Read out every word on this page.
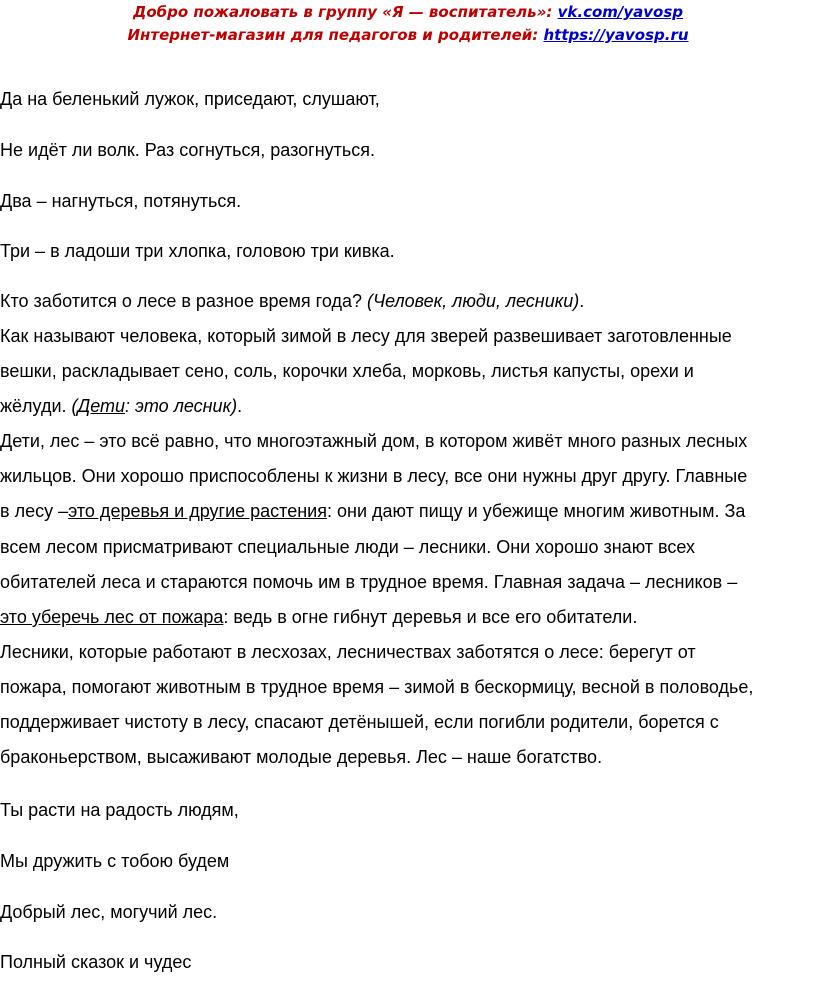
Добро пожаловать в группу «Я — воспитатель»: vk.com/yavosp
Интернет-магазин для педагогов и родителей: https://yavosp.ru
Да на беленький лужок, приседают, слушают,
Не идёт ли волк. Раз согнуться, разогнуться.
Два – нагнуться, потянуться.
Три – в ладоши три хлопка, головою три кивка.
Кто заботится о лесе в разное время года? (Человек, люди, лесники).
Как называют человека, который зимой в лесу для зверей развешивает заготовленные
вешки, раскладывает сено, соль, корочки хлеба, морковь, листья капусты, орехи и
жёлуди. (Дети: это лесник).
Дети, лес – это всё равно, что многоэтажный дом, в котором живёт много разных лесных
жильцов. Они хорошо приспособлены к жизни в лесу, все они нужны друг другу. Главные
в лесу –это деревья и другие растения: они дают пищу и убежище многим животным. За
всем лесом присматривают специальные люди – лесники. Они хорошо знают всех
обитателей леса и стараются помочь им в трудное время. Главная задача – лесников –
это уберечь лес от пожара: ведь в огне гибнут деревья и все его обитатели.
Лесники, которые работают в лесхозах, лесничествах заботятся о лесе: берегут от
пожара, помогают животным в трудное время – зимой в бескормицу, весной в половодье,
поддерживает чистоту в лесу, спасают детёнышей, если погибли родители, борется с
браконьерством, высаживают молодые деревья. Лес – наше богатство.
Ты расти на радость людям,
Мы дружить с тобою будем
Добрый лес, могучий лес.
Полный сказок и чудес
